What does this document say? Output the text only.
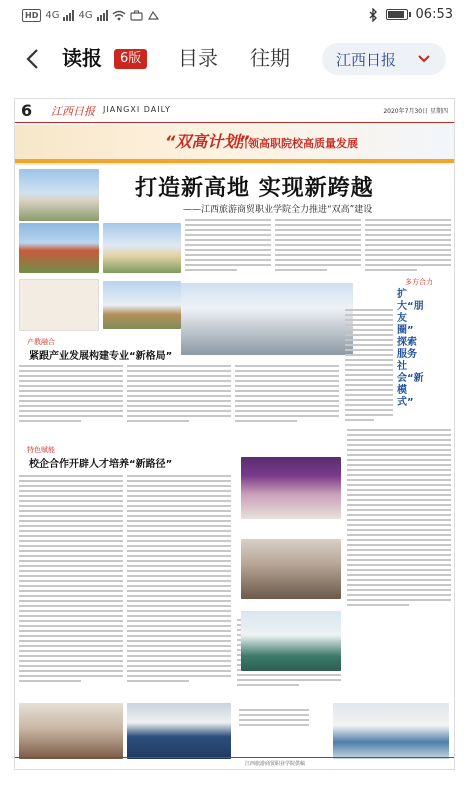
HD 4G 4G	06:53
读报	6版	目录 往期	江西日报
6 江西日报 JIANGXI DAILY	2020年7月30日 星期四
“双高计划”
引领高职院校高质量发展
打造新高地 实现新跨越
——江西旅游商贸职业学院全力推进“双高”建设
多方合力
扩大“朋友圈” 探索服务社会“新模式”
产教融合
紧跟产业发展构建专业“新格局”
特色赋能
校企合作开辟人才培养“新路径”
江西旅游商贸职业学院供稿
